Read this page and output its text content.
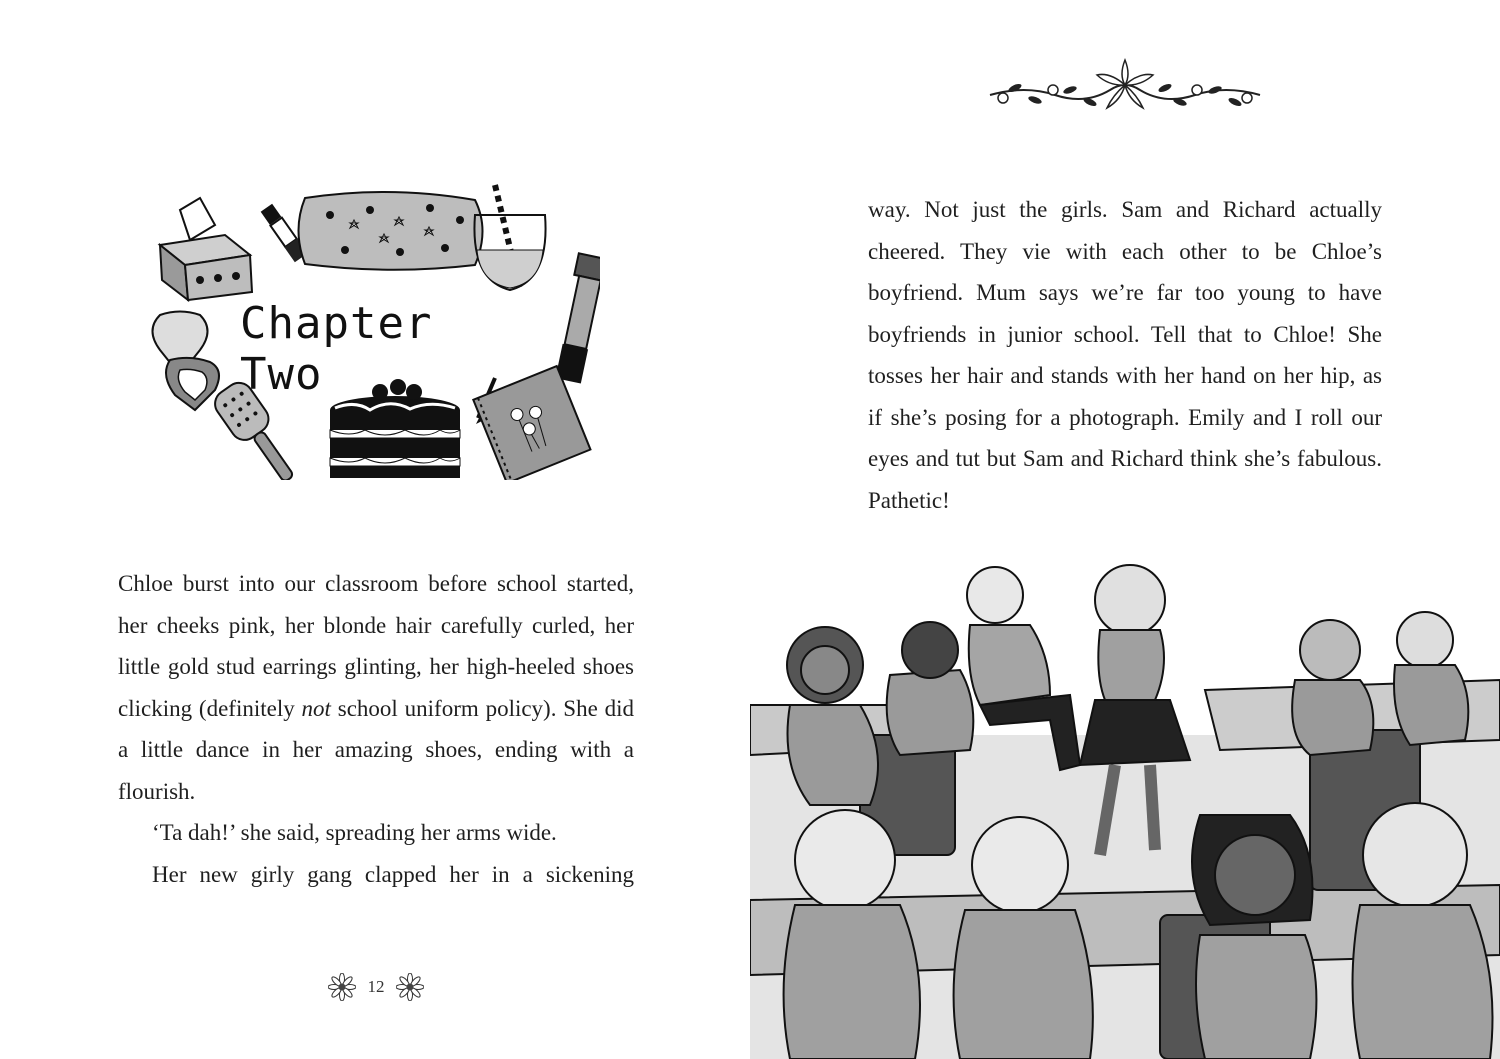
Chapter Two

Chloe burst into our classroom before school started, her cheeks pink, her blonde hair carefully curled, her little gold stud earrings glinting, her high-heeled shoes clicking (definitely not school uniform policy). She did a little dance in her amazing shoes, ending with a flourish.

‘Ta dah!’ she said, spreading her arms wide.

Her new girly gang clapped her in a sickening

12

way. Not just the girls. Sam and Richard actually cheered. They vie with each other to be Chloe’s boyfriend. Mum says we’re far too young to have boyfriends in junior school. Tell that to Chloe! She tosses her hair and stands with her hand on her hip, as if she’s posing for a photograph. Emily and I roll our eyes and tut but Sam and Richard think she’s fabulous. Pathetic!
